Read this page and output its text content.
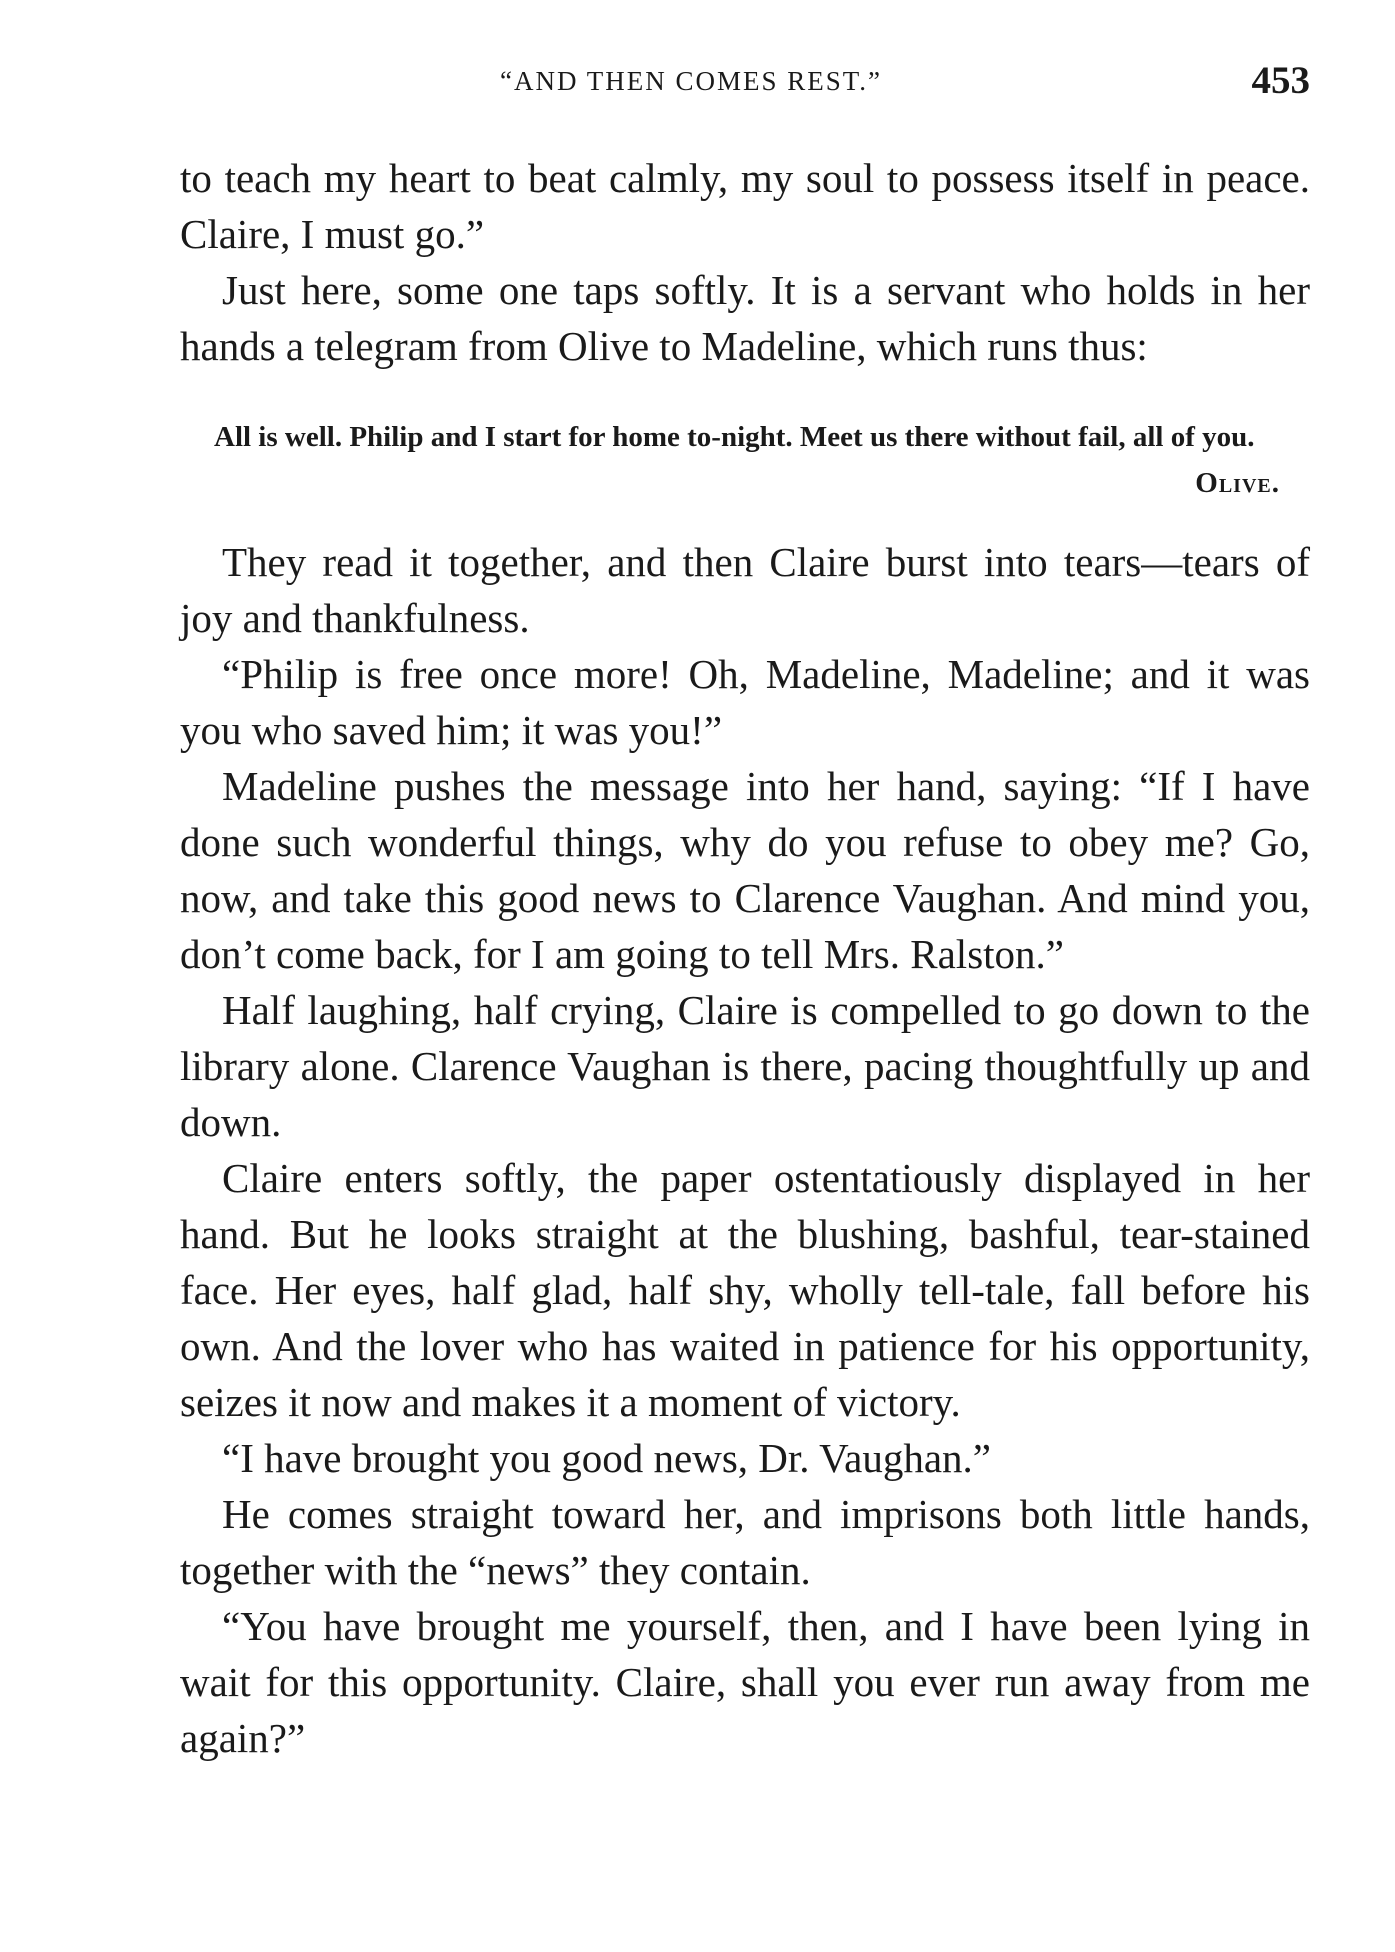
“AND THEN COMES REST.”	453

to teach my heart to beat calmly, my soul to possess itself in peace. Claire, I must go.”

Just here, some one taps softly. It is a servant who holds in her hands a telegram from Olive to Madeline, which runs thus:

All is well. Philip and I start for home to-night. Meet us there without fail, all of you.

Olive.

They read it together, and then Claire burst into tears—tears of joy and thankfulness.

“Philip is free once more! Oh, Madeline, Madeline; and it was you who saved him; it was you!”

Madeline pushes the message into her hand, saying: “If I have done such wonderful things, why do you refuse to obey me? Go, now, and take this good news to Clarence Vaughan. And mind you, don’t come back, for I am going to tell Mrs. Ralston.”

Half laughing, half crying, Claire is compelled to go down to the library alone. Clarence Vaughan is there, pacing thoughtfully up and down.

Claire enters softly, the paper ostentatiously displayed in her hand. But he looks straight at the blushing, bashful, tear-stained face. Her eyes, half glad, half shy, wholly tell-tale, fall before his own. And the lover who has waited in patience for his opportunity, seizes it now and makes it a moment of victory.

“I have brought you good news, Dr. Vaughan.”

He comes straight toward her, and imprisons both little hands, together with the “news” they contain.

“You have brought me yourself, then, and I have been lying in wait for this opportunity. Claire, shall you ever run away from me again?”
